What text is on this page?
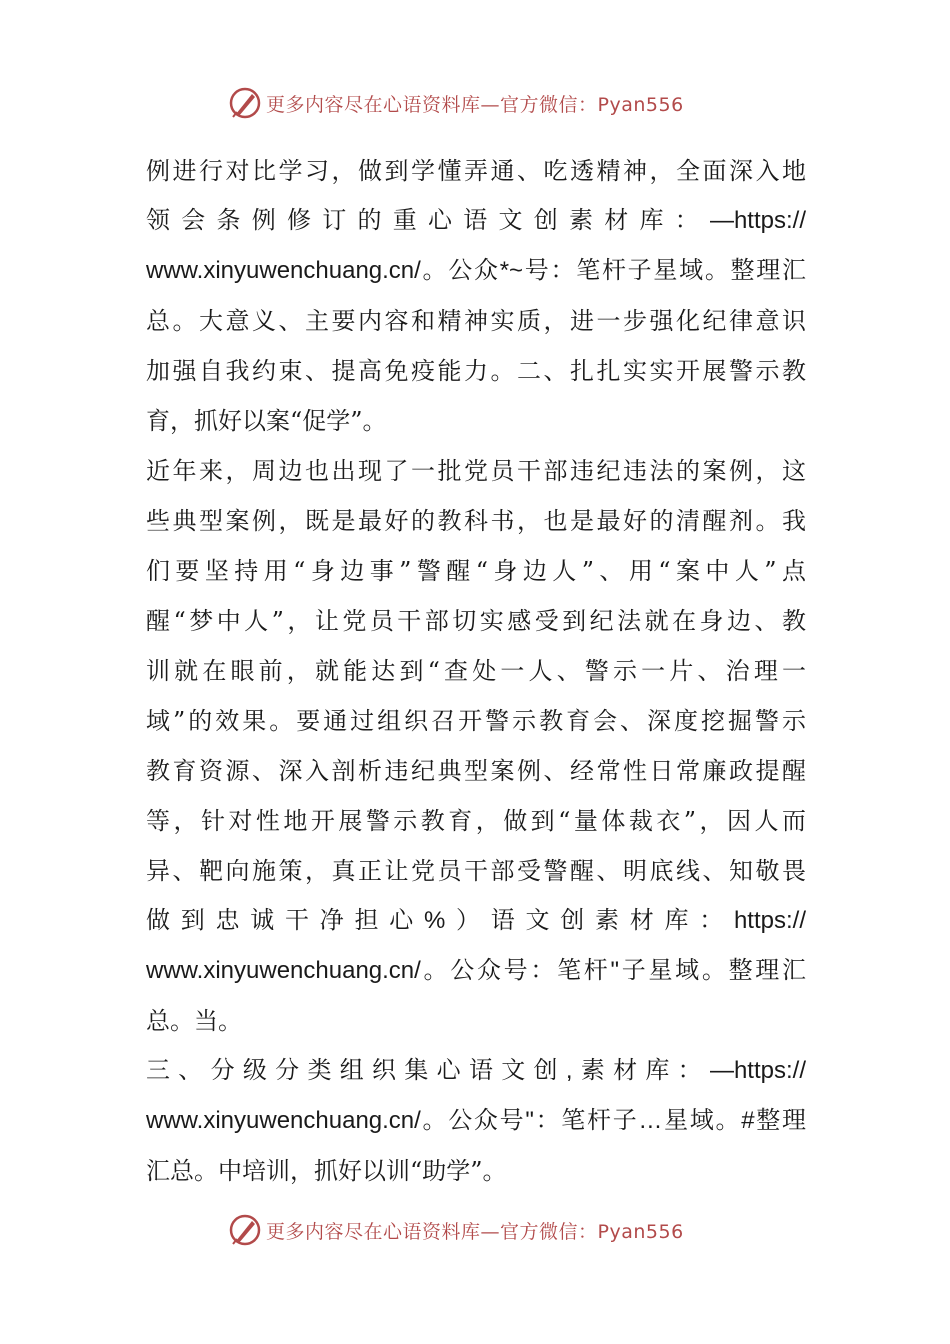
更多内容尽在心语资料库—官方微信：Pyan556
例进行对比学习，做到学懂弄通、吃透精神，全面深入地
领会条例修订的重心语文创素材库：—https://
www.xinyuwenchuang.cn/。公众*~号：笔杆子星域。整理汇
总。大意义、主要内容和精神实质，进一步强化纪律意识
加强自我约束、提高免疫能力。二、扎扎实实开展警示教
育，抓好以案“促学”。
近年来，周边也出现了一批党员干部违纪违法的案例，这
些典型案例，既是最好的教科书，也是最好的清醒剂。我
们要坚持用“身边事”警醒“身边人”、用“案中人”点
醒“梦中人”，让党员干部切实感受到纪法就在身边、教
训就在眼前，就能达到“查处一人、警示一片、治理一
域”的效果。要通过组织召开警示教育会、深度挖掘警示
教育资源、深入剖析违纪典型案例、经常性日常廉政提醒
等，针对性地开展警示教育，做到“量体裁衣”，因人而
异、靶向施策，真正让党员干部受警醒、明底线、知敬畏
做到忠诚干净担心%）语文创素材库：https://
www.xinyuwenchuang.cn/。公众号：笔杆"子星域。整理汇
总。当。
三、分级分类组织集心语文创,素材库：—https://
www.xinyuwenchuang.cn/。公众号"：笔杆子…星域。#整理
汇总。中培训，抓好以训“助学”。
更多内容尽在心语资料库—官方微信：Pyan556
